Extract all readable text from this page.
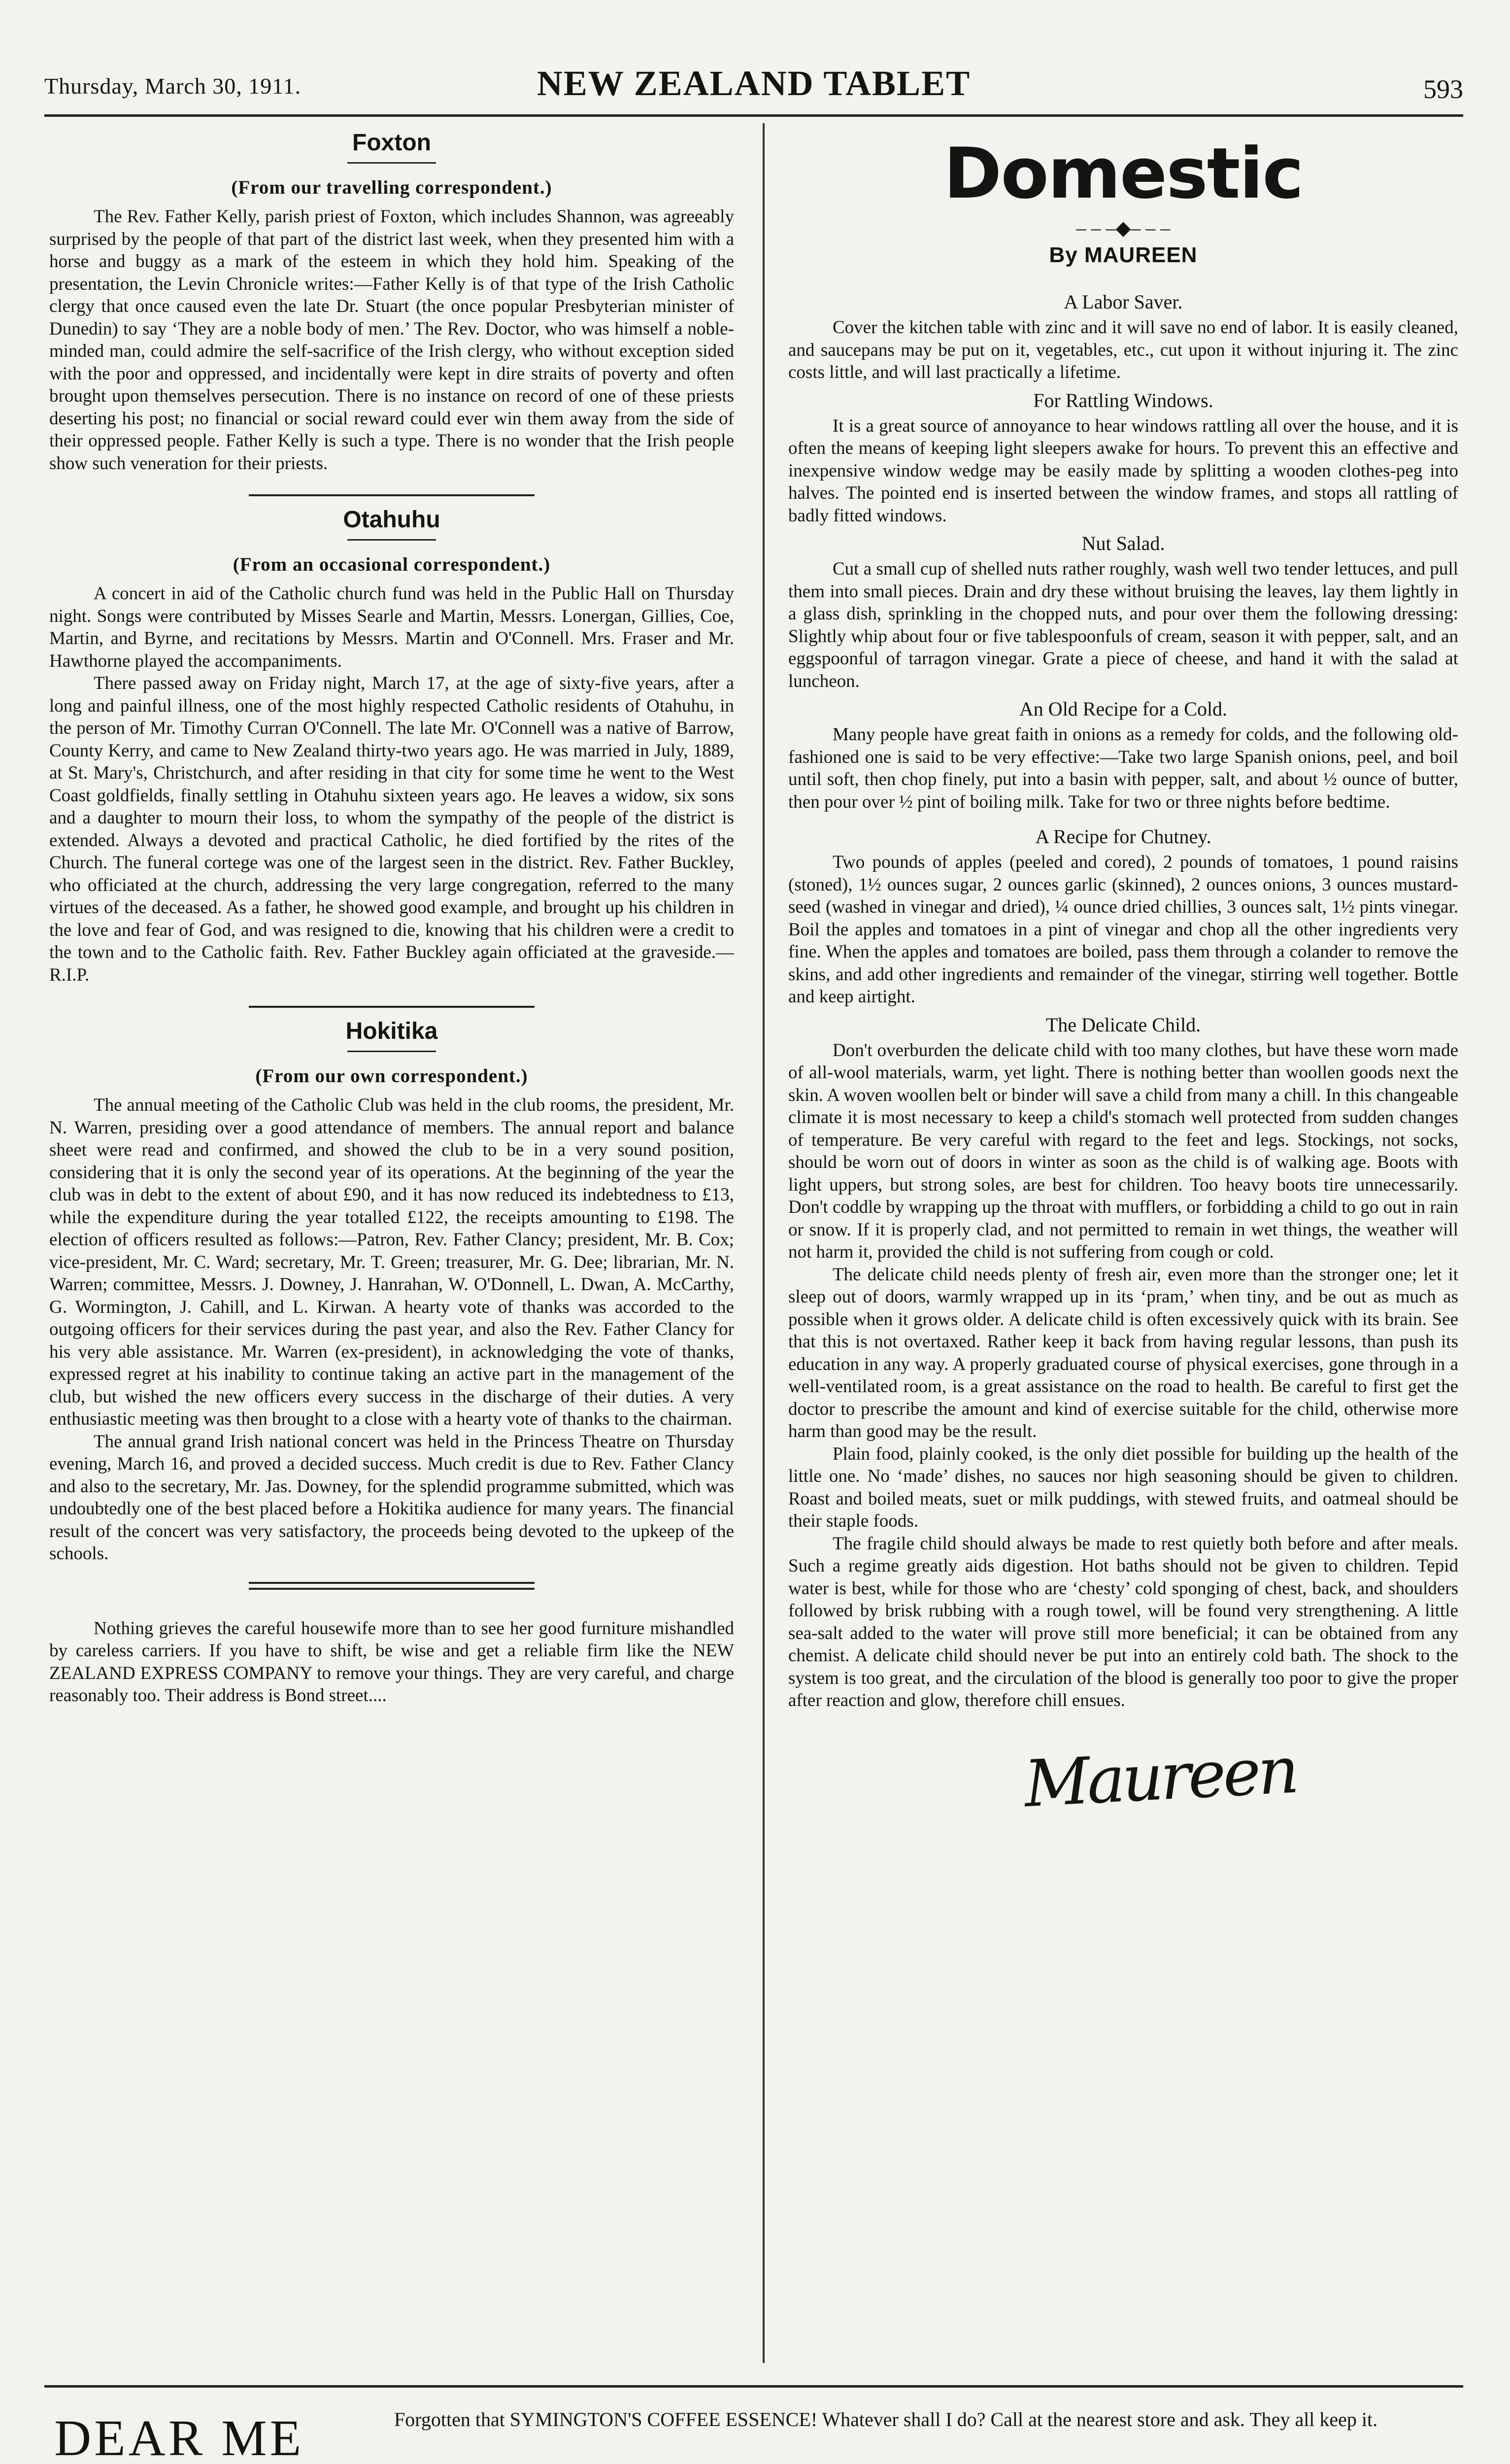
Thursday, March 30, 1911.	NEW ZEALAND TABLET	593
Foxton
(From our travelling correspondent.)

The Rev. Father Kelly, parish priest of Foxton, which includes Shannon, was agreeably surprised by the people of that part of the district last week, when they presented him with a horse and buggy as a mark of the esteem in which they hold him. Speaking of the presentation, the Levin Chronicle writes:—Father Kelly is of that type of the Irish Catholic clergy that once caused even the late Dr. Stuart (the once popular Presbyterian minister of Dunedin) to say ‘They are a noble body of men.’ The Rev. Doctor, who was himself a noble-minded man, could admire the self-sacrifice of the Irish clergy, who without exception sided with the poor and oppressed, and incidentally were kept in dire straits of poverty and often brought upon themselves persecution. There is no instance on record of one of these priests deserting his post; no financial or social reward could ever win them away from the side of their oppressed people. Father Kelly is such a type. There is no wonder that the Irish people show such veneration for their priests.

Otahuhu
(From an occasional correspondent.)

A concert in aid of the Catholic church fund was held in the Public Hall on Thursday night. Songs were contributed by Misses Searle and Martin, Messrs. Lonergan, Gillies, Coe, Martin, and Byrne, and recitations by Messrs. Martin and O'Connell. Mrs. Fraser and Mr. Hawthorne played the accompaniments.

There passed away on Friday night, March 17, at the age of sixty-five years, after a long and painful illness, one of the most highly respected Catholic residents of Otahuhu, in the person of Mr. Timothy Curran O'Connell. The late Mr. O'Connell was a native of Barrow, County Kerry, and came to New Zealand thirty-two years ago. He was married in July, 1889, at St. Mary's, Christchurch, and after residing in that city for some time he went to the West Coast goldfields, finally settling in Otahuhu sixteen years ago. He leaves a widow, six sons and a daughter to mourn their loss, to whom the sympathy of the people of the district is extended. Always a devoted and practical Catholic, he died fortified by the rites of the Church. The funeral cortege was one of the largest seen in the district. Rev. Father Buckley, who officiated at the church, addressing the very large congregation, referred to the many virtues of the deceased. As a father, he showed good example, and brought up his children in the love and fear of God, and was resigned to die, knowing that his children were a credit to the town and to the Catholic faith. Rev. Father Buckley again officiated at the graveside.—R.I.P.

Hokitika
(From our own correspondent.)

The annual meeting of the Catholic Club was held in the club rooms, the president, Mr. N. Warren, presiding over a good attendance of members. The annual report and balance sheet were read and confirmed, and showed the club to be in a very sound position, considering that it is only the second year of its operations. At the beginning of the year the club was in debt to the extent of about £90, and it has now reduced its indebtedness to £13, while the expenditure during the year totalled £122, the receipts amounting to £198. The election of officers resulted as follows:—Patron, Rev. Father Clancy; president, Mr. B. Cox; vice-president, Mr. C. Ward; secretary, Mr. T. Green; treasurer, Mr. G. Dee; librarian, Mr. N. Warren; committee, Messrs. J. Downey, J. Hanrahan, W. O'Donnell, L. Dwan, A. McCarthy, G. Wormington, J. Cahill, and L. Kirwan. A hearty vote of thanks was accorded to the outgoing officers for their services during the past year, and also the Rev. Father Clancy for his very able assistance. Mr. Warren (ex-president), in acknowledging the vote of thanks, expressed regret at his inability to continue taking an active part in the management of the club, but wished the new officers every success in the discharge of their duties. A very enthusiastic meeting was then brought to a close with a hearty vote of thanks to the chairman.

The annual grand Irish national concert was held in the Princess Theatre on Thursday evening, March 16, and proved a decided success. Much credit is due to Rev. Father Clancy and also to the secretary, Mr. Jas. Downey, for the splendid programme submitted, which was undoubtedly one of the best placed before a Hokitika audience for many years. The financial result of the concert was very satisfactory, the proceeds being devoted to the upkeep of the schools.

Nothing grieves the careful housewife more than to see her good furniture mishandled by careless carriers. If you have to shift, be wise and get a reliable firm like the NEW ZEALAND EXPRESS COMPANY to remove your things. They are very careful, and charge reasonably too. Their address is Bond street....

Domestic
– – –◆– – –
By MAUREEN
A Labor Saver.

Cover the kitchen table with zinc and it will save no end of labor. It is easily cleaned, and saucepans may be put on it, vegetables, etc., cut upon it without injuring it. The zinc costs little, and will last practically a lifetime.

For Rattling Windows.

It is a great source of annoyance to hear windows rattling all over the house, and it is often the means of keeping light sleepers awake for hours. To prevent this an effective and inexpensive window wedge may be easily made by splitting a wooden clothes-peg into halves. The pointed end is inserted between the window frames, and stops all rattling of badly fitted windows.

Nut Salad.

Cut a small cup of shelled nuts rather roughly, wash well two tender lettuces, and pull them into small pieces. Drain and dry these without bruising the leaves, lay them lightly in a glass dish, sprinkling in the chopped nuts, and pour over them the following dressing: Slightly whip about four or five tablespoonfuls of cream, season it with pepper, salt, and an eggspoonful of tarragon vinegar. Grate a piece of cheese, and hand it with the salad at luncheon.

An Old Recipe for a Cold.

Many people have great faith in onions as a remedy for colds, and the following old-fashioned one is said to be very effective:—Take two large Spanish onions, peel, and boil until soft, then chop finely, put into a basin with pepper, salt, and about ½ ounce of butter, then pour over ½ pint of boiling milk. Take for two or three nights before bedtime.

A Recipe for Chutney.

Two pounds of apples (peeled and cored), 2 pounds of tomatoes, 1 pound raisins (stoned), 1½ ounces sugar, 2 ounces garlic (skinned), 2 ounces onions, 3 ounces mustard-seed (washed in vinegar and dried), ¼ ounce dried chillies, 3 ounces salt, 1½ pints vinegar. Boil the apples and tomatoes in a pint of vinegar and chop all the other ingredients very fine. When the apples and tomatoes are boiled, pass them through a colander to remove the skins, and add other ingredients and remainder of the vinegar, stirring well together. Bottle and keep airtight.

The Delicate Child.

Don't overburden the delicate child with too many clothes, but have these worn made of all-wool materials, warm, yet light. There is nothing better than woollen goods next the skin. A woven woollen belt or binder will save a child from many a chill. In this changeable climate it is most necessary to keep a child's stomach well protected from sudden changes of temperature. Be very careful with regard to the feet and legs. Stockings, not socks, should be worn out of doors in winter as soon as the child is of walking age. Boots with light uppers, but strong soles, are best for children. Too heavy boots tire unnecessarily. Don't coddle by wrapping up the throat with mufflers, or forbidding a child to go out in rain or snow. If it is properly clad, and not permitted to remain in wet things, the weather will not harm it, provided the child is not suffering from cough or cold.

The delicate child needs plenty of fresh air, even more than the stronger one; let it sleep out of doors, warmly wrapped up in its ‘pram,’ when tiny, and be out as much as possible when it grows older. A delicate child is often excessively quick with its brain. See that this is not overtaxed. Rather keep it back from having regular lessons, than push its education in any way. A properly graduated course of physical exercises, gone through in a well-ventilated room, is a great assistance on the road to health. Be careful to first get the doctor to prescribe the amount and kind of exercise suitable for the child, otherwise more harm than good may be the result.

Plain food, plainly cooked, is the only diet possible for building up the health of the little one. No ‘made’ dishes, no sauces nor high seasoning should be given to children. Roast and boiled meats, suet or milk puddings, with stewed fruits, and oatmeal should be their staple foods.

The fragile child should always be made to rest quietly both before and after meals. Such a regime greatly aids digestion. Hot baths should not be given to children. Tepid water is best, while for those who are ‘chesty’ cold sponging of chest, back, and shoulders followed by brisk rubbing with a rough towel, will be found very strengthening. A little sea-salt added to the water will prove still more beneficial; it can be obtained from any chemist. A delicate child should never be put into an entirely cold bath. The shock to the system is too great, and the circulation of the blood is generally too poor to give the proper after reaction and glow, therefore chill ensues.

Maureen
DEAR ME	Forgotten that SYMINGTON'S COFFEE ESSENCE! Whatever shall I do? Call at the nearest store and ask. They all keep it.
